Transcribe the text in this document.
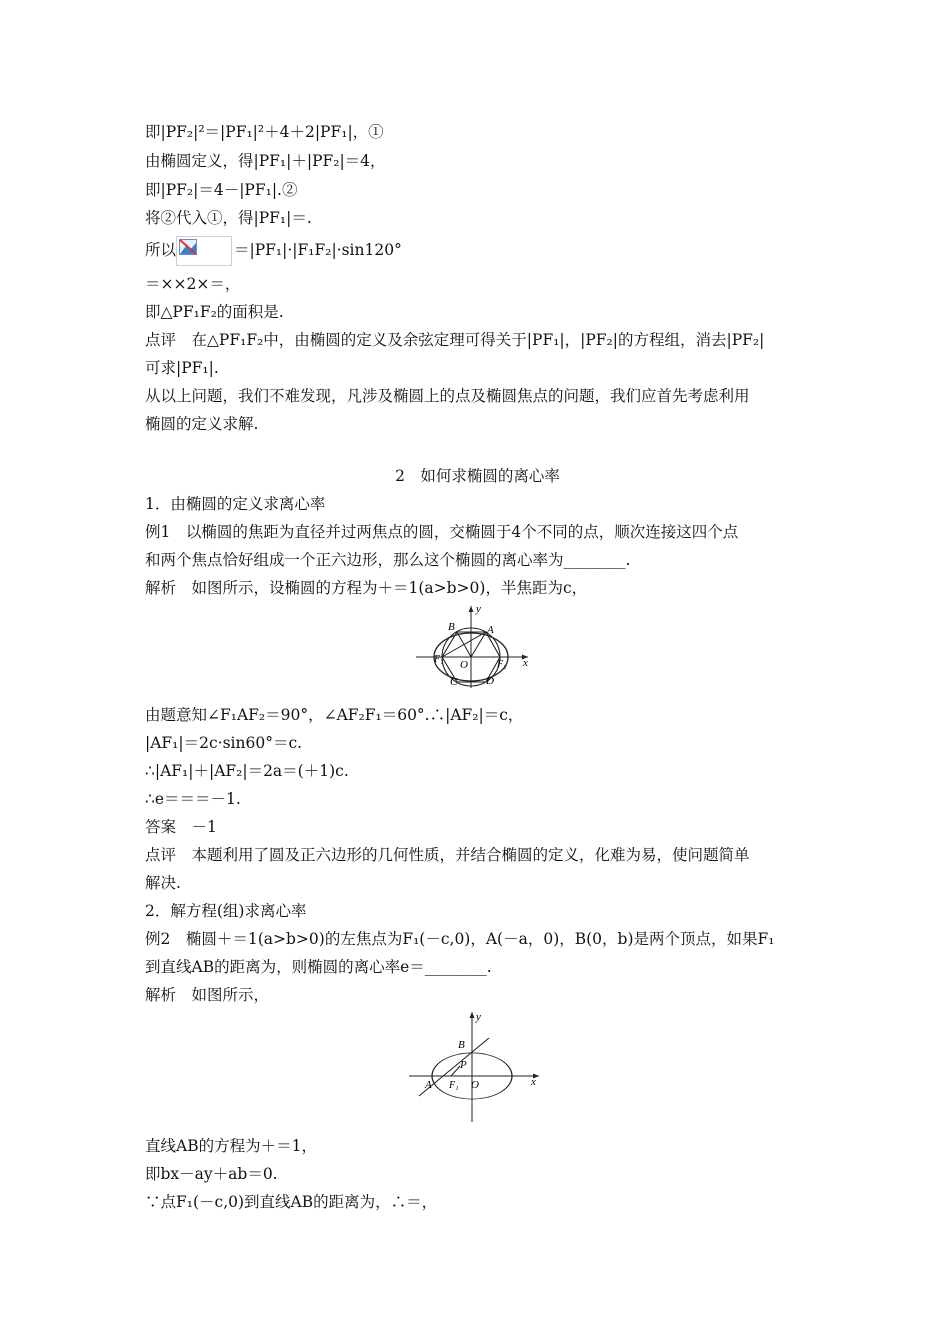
即|PF₂|²＝|PF₁|²＋4＋2|PF₁|，①
由椭圆定义，得|PF₁|＋|PF₂|＝4，
即|PF₂|＝4－|PF₁|.②
将②代入①，得|PF₁|＝.
所以	＝|PF₁|·|F₁F₂|·sin120°
＝××2×＝，
即△PF₁F₂的面积是.
点评　在△PF₁F₂中，由椭圆的定义及余弦定理可得关于|PF₁|，|PF₂|的方程组，消去|PF₂|
可求|PF₁|.
从以上问题，我们不难发现，凡涉及椭圆上的点及椭圆焦点的问题，我们应首先考虑利用
椭圆的定义求解.
2　如何求椭圆的离心率
1．由椭圆的定义求离心率
例1　以椭圆的焦距为直径并过两焦点的圆，交椭圆于4个不同的点，顺次连接这四个点
和两个焦点恰好组成一个正六边形，那么这个椭圆的离心率为________.
解析　如图所示，设椭圆的方程为＋＝1(a>b>0)，半焦距为c，
y
x
B	A
F₁ O	F₂
C	D
由题意知∠F₁AF₂＝90°，∠AF₂F₁＝60°.∴|AF₂|＝c，
|AF₁|＝2c·sin60°＝c.
∴|AF₁|＋|AF₂|＝2a＝(＋1)c.
∴e＝＝＝－1.
答案　－1
点评　本题利用了圆及正六边形的几何性质，并结合椭圆的定义，化难为易，使问题简单
解决.
2．解方程(组)求离心率
例2　椭圆＋＝1(a>b>0)的左焦点为F₁(－c,0)，A(－a，0)，B(0，b)是两个顶点，如果F₁
到直线AB的距离为，则椭圆的离心率e＝________.
解析　如图所示，
y
x
B
P
A F₁ O
直线AB的方程为＋＝1，
即bx－ay＋ab＝0.
∵点F₁(－c,0)到直线AB的距离为，∴＝，
